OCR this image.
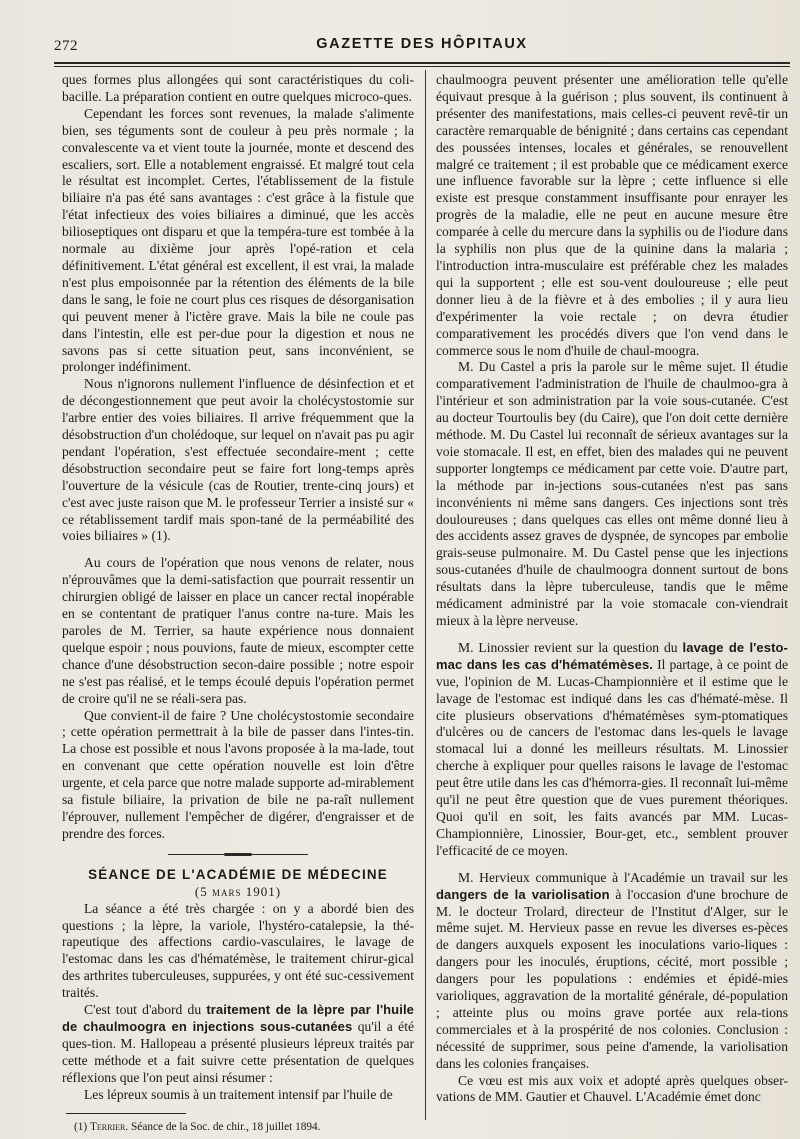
272	GAZETTE DES HÔPITAUX

ques formes plus allongées qui sont caractéristiques du coli-bacille. La préparation contient en outre quelques microco-ques.

Cependant les forces sont revenues, la malade s'alimente bien, ses téguments sont de couleur à peu près normale ; la convalescente va et vient toute la journée, monte et descend des escaliers, sort. Elle a notablement engraissé. Et malgré tout cela le résultat est incomplet. Certes, l'établissement de la fistule biliaire n'a pas été sans avantages : c'est grâce à la fistule que l'état infectieux des voies biliaires a diminué, que les accès bilioseptiques ont disparu et que la tempéra-ture est tombée à la normale au dixième jour après l'opé-ration et cela définitivement. L'état général est excellent, il est vrai, la malade n'est plus empoisonnée par la rétention des éléments de la bile dans le sang, le foie ne court plus ces risques de désorganisation qui peuvent mener à l'ictère grave. Mais la bile ne coule pas dans l'intestin, elle est per-due pour la digestion et nous ne savons pas si cette situation peut, sans inconvénient, se prolonger indéfiniment.

Nous n'ignorons nullement l'influence de désinfection et et de décongestionnement que peut avoir la cholécystostomie sur l'arbre entier des voies biliaires. Il arrive fréquemment que la désobstruction d'un cholédoque, sur lequel on n'avait pas pu agir pendant l'opération, s'est effectuée secondaire-ment ; cette désobstruction secondaire peut se faire fort long-temps après l'ouverture de la vésicule (cas de Routier, trente-cinq jours) et c'est avec juste raison que M. le professeur Terrier a insisté sur « ce rétablissement tardif mais spon-tané de la perméabilité des voies biliaires » (1).

Au cours de l'opération que nous venons de relater, nous n'éprouvâmes que la demi-satisfaction que pourrait ressentir un chirurgien obligé de laisser en place un cancer rectal inopérable en se contentant de pratiquer l'anus contre na-ture. Mais les paroles de M. Terrier, sa haute expérience nous donnaient quelque espoir ; nous pouvions, faute de mieux, escompter cette chance d'une désobstruction secon-daire possible ; notre espoir ne s'est pas réalisé, et le temps écoulé depuis l'opération permet de croire qu'il ne se réali-sera pas.

Que convient-il de faire ? Une cholécystostomie secondaire ; cette opération permettrait à la bile de passer dans l'intes-tin. La chose est possible et nous l'avons proposée à la ma-lade, tout en convenant que cette opération nouvelle est loin d'être urgente, et cela parce que notre malade supporte ad-mirablement sa fistule biliaire, la privation de bile ne pa-raît nullement l'éprouver, nullement l'empêcher de digérer, d'engraisser et de prendre des forces.

SÉANCE DE L'ACADÉMIE DE MÉDECINE

(5 mars 1901)

La séance a été très chargée : on y a abordé bien des questions ; la lèpre, la variole, l'hystéro-catalepsie, la thé-rapeutique des affections cardio-vasculaires, le lavage de l'estomac dans les cas d'hématémèse, le traitement chirur-gical des arthrites tuberculeuses, suppurées, y ont été suc-cessivement traités.

C'est tout d'abord du traitement de la lèpre par l'huile de chaulmoogra en injections sous-cutanées qu'il a été ques-tion. M. Hallopeau a présenté plusieurs lépreux traités par cette méthode et a fait suivre cette présentation de quelques réflexions que l'on peut ainsi résumer :

Les lépreux soumis à un traitement intensif par l'huile de

(1) Terrier. Séance de la Soc. de chir., 18 juillet 1894.

chaulmoogra peuvent présenter une amélioration telle qu'elle équivaut presque à la guérison ; plus souvent, ils continuent à présenter des manifestations, mais celles-ci peuvent revê-tir un caractère remarquable de bénignité ; dans certains cas cependant des poussées intenses, locales et générales, se renouvellent malgré ce traitement ; il est probable que ce médicament exerce une influence favorable sur la lèpre ; cette influence si elle existe est presque constamment insuffisante pour enrayer les progrès de la maladie, elle ne peut en aucune mesure être comparée à celle du mercure dans la syphilis ou de l'iodure dans la syphilis non plus que de la quinine dans la malaria ; l'introduction intra-musculaire est préférable chez les malades qui la supportent ; elle est sou-vent douloureuse ; elle peut donner lieu à de la fièvre et à des embolies ; il y aura lieu d'expérimenter la voie rectale ; on devra étudier comparativement les procédés divers que l'on vend dans le commerce sous le nom d'huile de chaul-moogra.

M. Du Castel a pris la parole sur le même sujet. Il étudie comparativement l'administration de l'huile de chaulmoo-gra à l'intérieur et son administration par la voie sous-cutanée. C'est au docteur Tourtoulis bey (du Caire), que l'on doit cette dernière méthode. M. Du Castel lui reconnaît de sérieux avantages sur la voie stomacale. Il est, en effet, bien des malades qui ne peuvent supporter longtemps ce médicament par cette voie. D'autre part, la méthode par in-jections sous-cutanées n'est pas sans inconvénients ni même sans dangers. Ces injections sont très douloureuses ; dans quelques cas elles ont même donné lieu à des accidents assez graves de dyspnée, de syncopes par embolie grais-seuse pulmonaire. M. Du Castel pense que les injections sous-cutanées d'huile de chaulmoogra donnent surtout de bons résultats dans la lèpre tuberculeuse, tandis que le même médicament administré par la voie stomacale con-viendrait mieux à la lèpre nerveuse.

M. Linossier revient sur la question du lavage de l'esto-mac dans les cas d'hématémèses. Il partage, à ce point de vue, l'opinion de M. Lucas-Championnière et il estime que le lavage de l'estomac est indiqué dans les cas d'hématé-mèse. Il cite plusieurs observations d'hématémèses sym-ptomatiques d'ulcères ou de cancers de l'estomac dans les-quels le lavage stomacal lui a donné les meilleurs résultats. M. Linossier cherche à expliquer pour quelles raisons le lavage de l'estomac peut être utile dans les cas d'hémorra-gies. Il reconnaît lui-même qu'il ne peut être question que de vues purement théoriques. Quoi qu'il en soit, les faits avancés par MM. Lucas-Championnière, Linossier, Bour-get, etc., semblent prouver l'efficacité de ce moyen.

M. Hervieux communique à l'Académie un travail sur les dangers de la variolisation à l'occasion d'une brochure de M. le docteur Trolard, directeur de l'Institut d'Alger, sur le même sujet. M. Hervieux passe en revue les diverses es-pèces de dangers auxquels exposent les inoculations vario-liques : dangers pour les inoculés, éruptions, cécité, mort possible ; dangers pour les populations : endémies et épidé-mies varioliques, aggravation de la mortalité générale, dé-population ; atteinte plus ou moins grave portée aux rela-tions commerciales et à la prospérité de nos colonies. Conclusion : nécessité de supprimer, sous peine d'amende, la variolisation dans les colonies françaises.

Ce vœu est mis aux voix et adopté après quelques obser-vations de MM. Gautier et Chauvel. L'Académie émet donc
